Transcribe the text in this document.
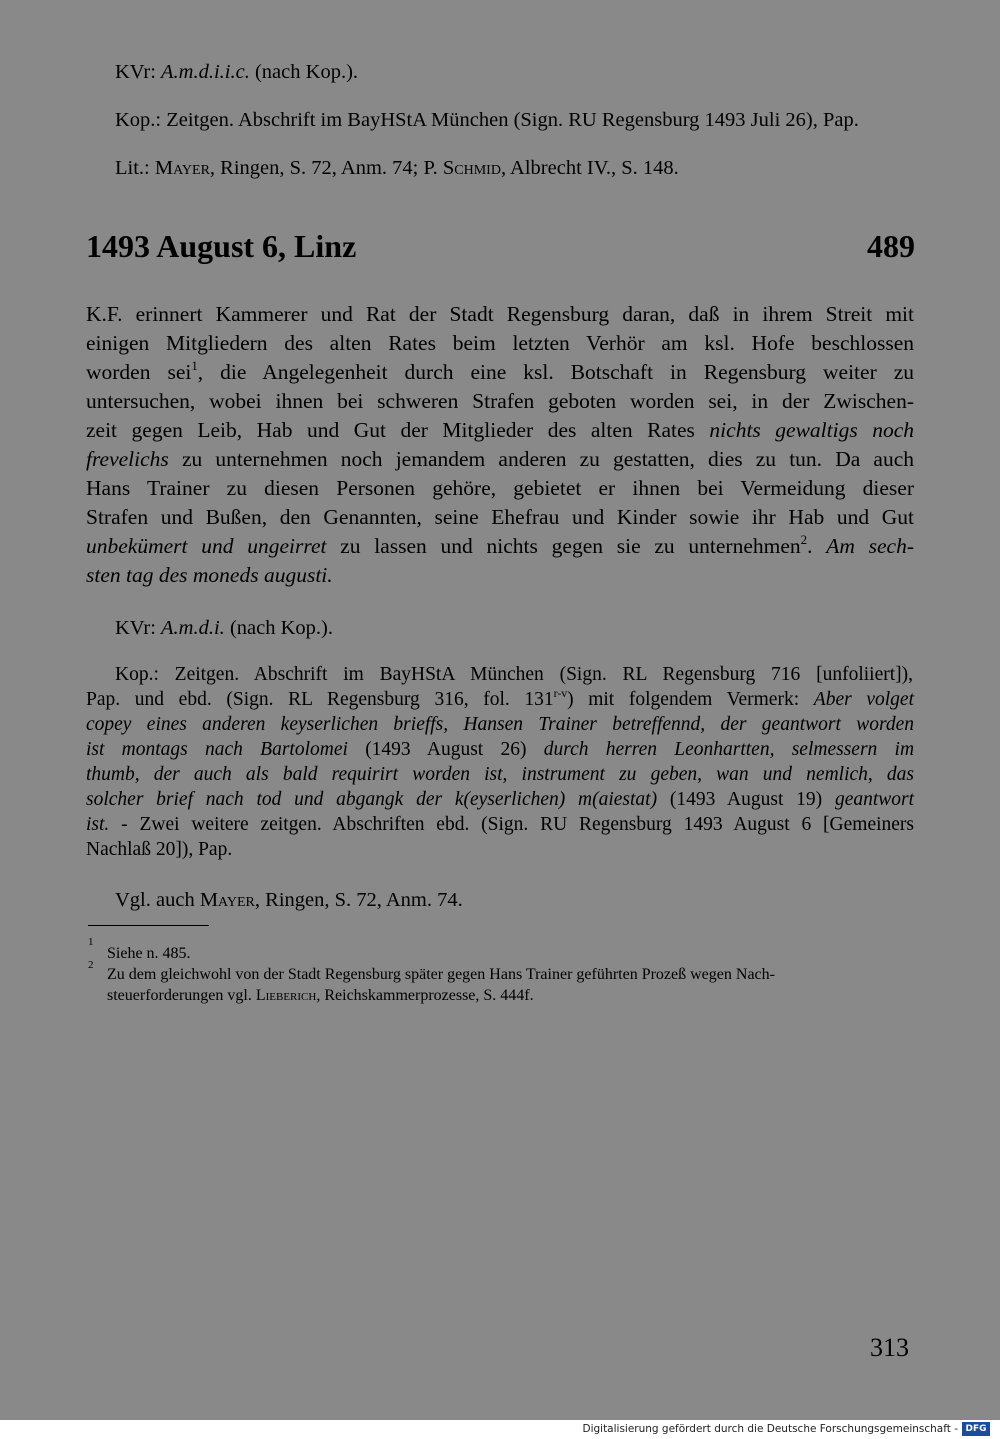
KVr: A.m.d.i.i.c. (nach Kop.).
Kop.: Zeitgen. Abschrift im BayHStA München (Sign. RU Regensburg 1493 Juli 26), Pap.
Lit.: Mayer, Ringen, S. 72, Anm. 74; P. Schmid, Albrecht IV., S. 148.
1493 August 6, Linz	489
K.F. erinnert Kammerer und Rat der Stadt Regensburg daran, daß in ihrem Streit mit
einigen Mitgliedern des alten Rates beim letzten Verhör am ksl. Hofe beschlossen
worden sei$^1$, die Angelegenheit durch eine ksl. Botschaft in Regensburg weiter zu
untersuchen, wobei ihnen bei schweren Strafen geboten worden sei, in der Zwischen-
zeit gegen Leib, Hab und Gut der Mitglieder des alten Rates nichts gewaltigs noch
frevelichs zu unternehmen noch jemandem anderen zu gestatten, dies zu tun. Da auch
Hans Trainer zu diesen Personen gehöre, gebietet er ihnen bei Vermeidung dieser
Strafen und Bußen, den Genannten, seine Ehefrau und Kinder sowie ihr Hab und Gut
unbekümert und ungeirret zu lassen und nichts gegen sie zu unternehmen$^2$. Am sech-
sten tag des moneds augusti.
KVr: A.m.d.i. (nach Kop.).
Kop.: Zeitgen. Abschrift im BayHStA München (Sign. RL Regensburg 716 [unfoliiert]),
Pap. und ebd. (Sign. RL Regensburg 316, fol. 131$^{r-v}$) mit folgendem Vermerk: Aber volget
copey eines anderen keyserlichen brieffs, Hansen Trainer betreffennd, der geantwort worden
ist montags nach Bartolomei (1493 August 26) durch herren Leonhartten, selmessern im
thumb, der auch als bald requirirt worden ist, instrument zu geben, wan und nemlich, das
solcher brief nach tod und abgangk der k(eyserlichen) m(aiestat) (1493 August 19) geantwort
ist. - Zwei weitere zeitgen. Abschriften ebd. (Sign. RU Regensburg 1493 August 6 [Gemeiners
Nachlaß 20]), Pap.
Vgl. auch Mayer, Ringen, S. 72, Anm. 74.
1
Siehe n. 485.
2
Zu dem gleichwohl von der Stadt Regensburg später gegen Hans Trainer geführten Prozeß wegen Nach-
steuerforderungen vgl. Lieberich, Reichskammerprozesse, S. 444f.
313
Digitalisierung gefördert durch die Deutsche Forschungsgemeinschaft - DFG
